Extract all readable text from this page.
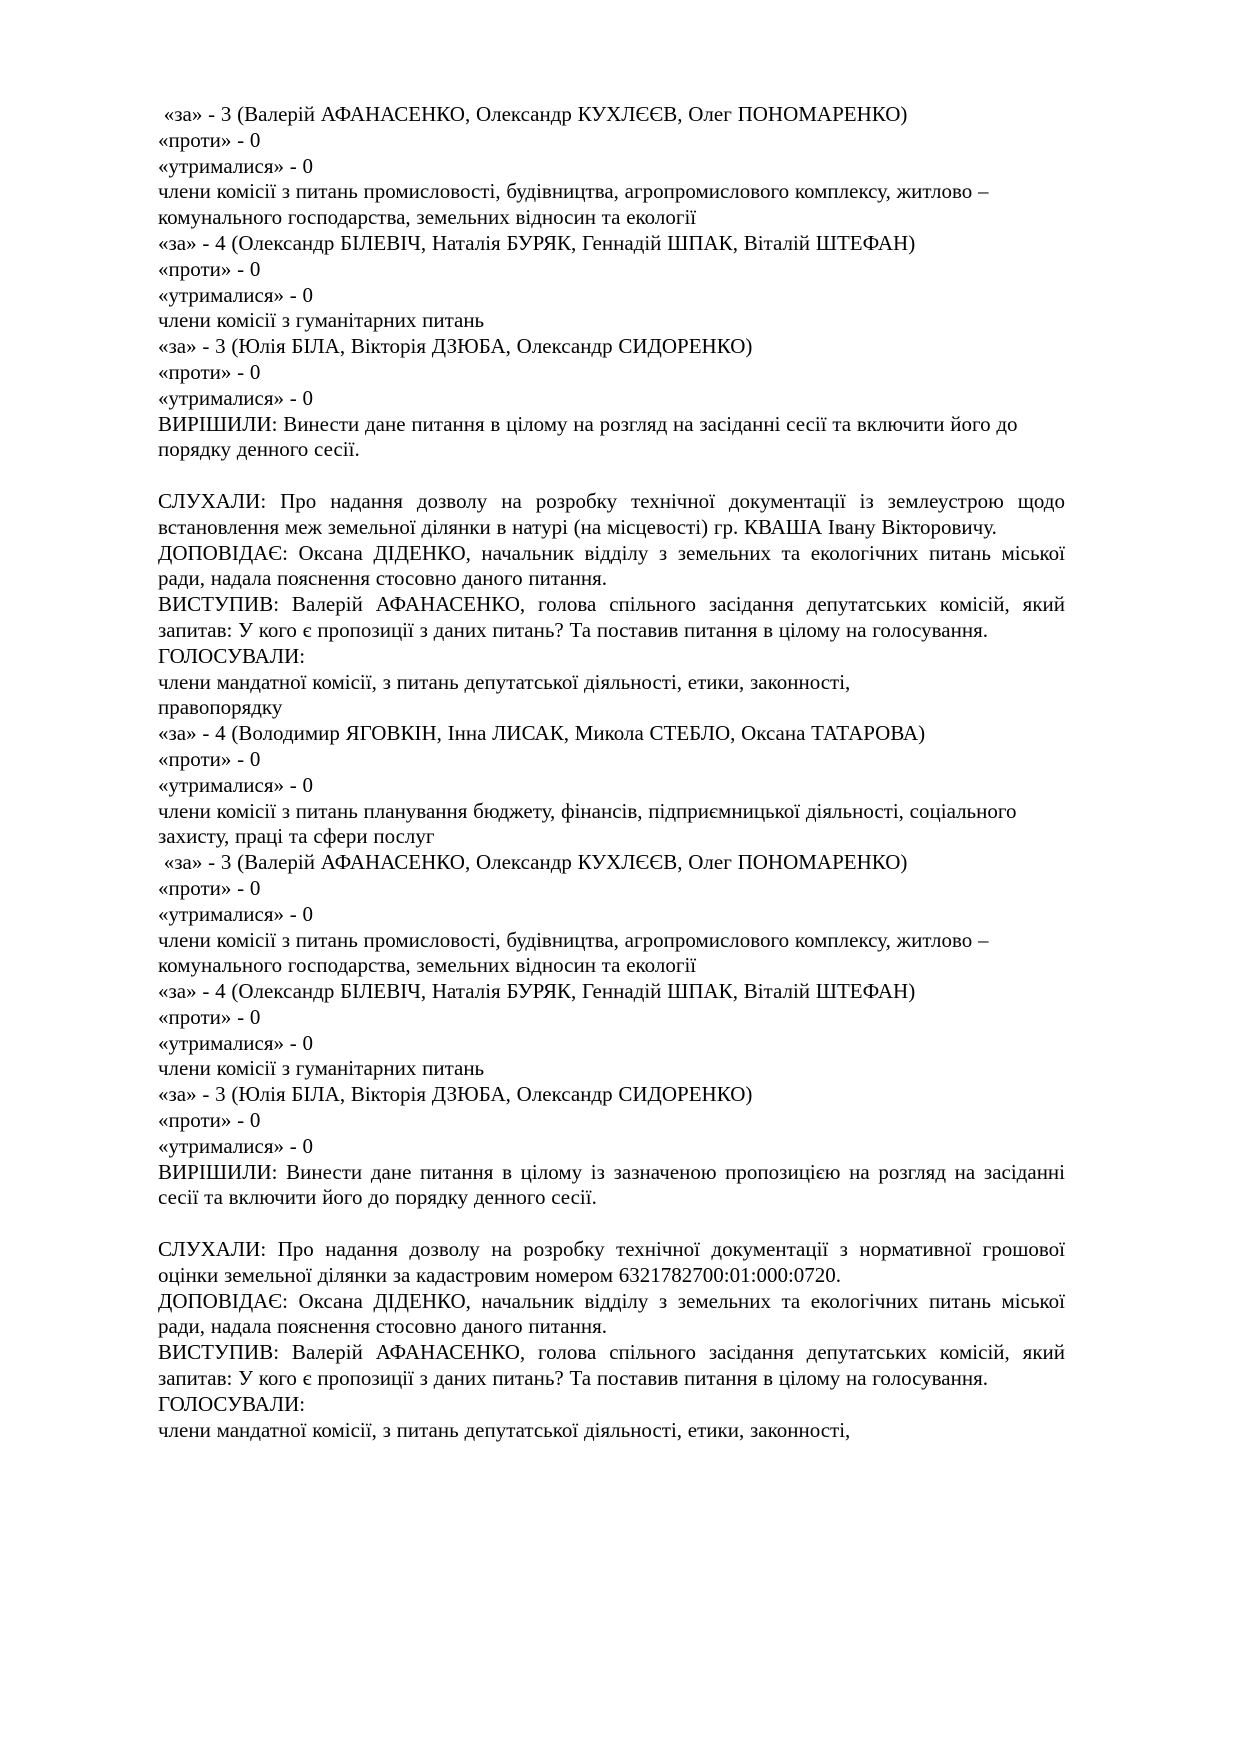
«за» - 3 (Валерій АФАНАСЕНКО, Олександр КУХЛЄЄВ, Олег ПОНОМАРЕНКО)

«проти» - 0

«утрималися» - 0

члени комісії з питань промисловості, будівництва, агропромислового комплексу, житлово – комунального господарства, земельних відносин та екології

«за» - 4 (Олександр БІЛЕВІЧ, Наталія БУРЯК, Геннадій ШПАК, Віталій ШТЕФАН)

«проти» - 0

«утрималися» - 0

члени комісії з гуманітарних питань

«за» - 3 (Юлія БІЛА, Вікторія ДЗЮБА, Олександр СИДОРЕНКО)

«проти» - 0

«утрималися» - 0

ВИРІШИЛИ: Винести дане питання в цілому на розгляд на засіданні сесії та включити його до порядку денного сесії.

СЛУХАЛИ: Про надання дозволу на розробку технічної документації із землеустрою щодо встановлення меж земельної ділянки в натурі (на місцевості) гр. КВАША Івану Вікторовичу.

ДОПОВІДАЄ: Оксана ДІДЕНКО, начальник відділу з земельних та екологічних питань міської ради, надала пояснення стосовно даного питання.

ВИСТУПИВ: Валерій АФАНАСЕНКО, голова спільного засідання депутатських комісій, який запитав: У кого є пропозиції з даних питань? Та поставив питання в цілому на голосування.

ГОЛОСУВАЛИ:

члени мандатної комісії, з питань депутатської діяльності, етики, законності,

правопорядку

«за» - 4 (Володимир ЯГОВКІН, Інна ЛИСАК, Микола СТЕБЛО, Оксана ТАТАРОВА)

«проти» - 0

«утрималися» - 0

члени комісії з питань планування бюджету, фінансів, підприємницької діяльності, соціального захисту, праці та сфери послуг

«за» - 3 (Валерій АФАНАСЕНКО, Олександр КУХЛЄЄВ, Олег ПОНОМАРЕНКО)

«проти» - 0

«утрималися» - 0

члени комісії з питань промисловості, будівництва, агропромислового комплексу, житлово – комунального господарства, земельних відносин та екології

«за» - 4 (Олександр БІЛЕВІЧ, Наталія БУРЯК, Геннадій ШПАК, Віталій ШТЕФАН)

«проти» - 0

«утрималися» - 0

члени комісії з гуманітарних питань

«за» - 3 (Юлія БІЛА, Вікторія ДЗЮБА, Олександр СИДОРЕНКО)

«проти» - 0

«утрималися» - 0

ВИРІШИЛИ: Винести дане питання в цілому із зазначеною пропозицією на розгляд на засіданні сесії та включити його до порядку денного сесії.

СЛУХАЛИ: Про надання дозволу на розробку технічної документації з нормативної грошової оцінки земельної ділянки за кадастровим номером 6321782700:01:000:0720.

ДОПОВІДАЄ: Оксана ДІДЕНКО, начальник відділу з земельних та екологічних питань міської ради, надала пояснення стосовно даного питання.

ВИСТУПИВ: Валерій АФАНАСЕНКО, голова спільного засідання депутатських комісій, який запитав: У кого є пропозиції з даних питань? Та поставив питання в цілому на голосування.

ГОЛОСУВАЛИ:

члени мандатної комісії, з питань депутатської діяльності, етики, законності,
